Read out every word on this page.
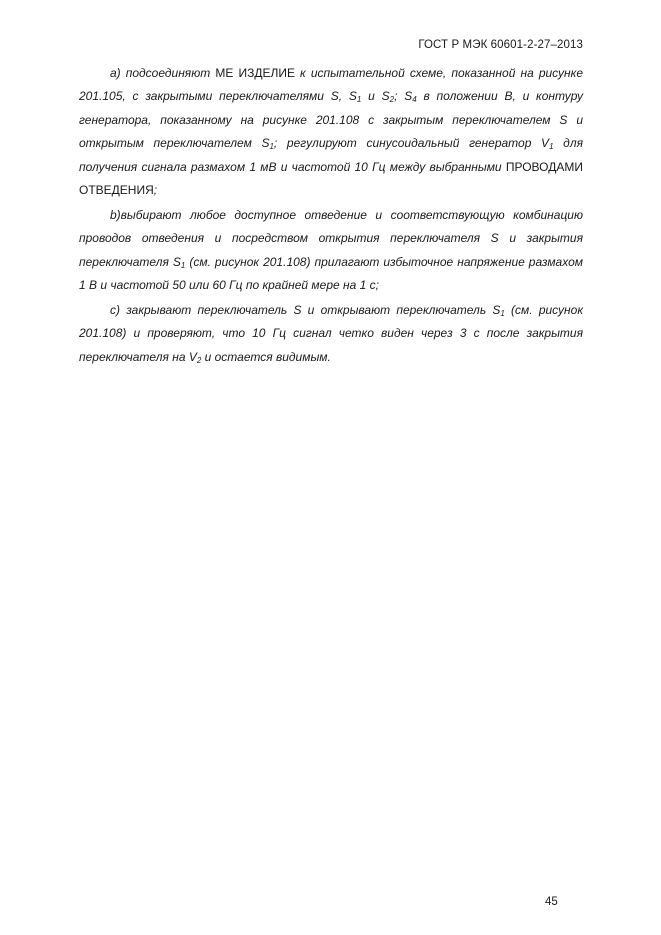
ГОСТ Р МЭК 60601-2-27–2013

a) подсоединяют МЕ ИЗДЕЛИЕ к испытательной схеме, показанной на рисунке 201.105, с закрытыми переключателями S, $S_1$ и $S_2$; $S_4$ в положении B, и контуру генератора, показанному на рисунке 201.108 с закрытым переключателем S и открытым переключателем $S_1$; регулируют синусоидальный генератор $V_1$ для получения сигнала размахом 1 мВ и частотой 10 Гц между выбранными ПРОВОДАМИ ОТВЕДЕНИЯ;

b)выбирают любое доступное отведение и соответствующую комбинацию проводов отведения и посредством открытия переключателя S и закрытия переключателя $S_1$ (см. рисунок 201.108) прилагают избыточное напряжение размахом 1 В и частотой 50 или 60 Гц по крайней мере на 1 с;

c) закрывают переключатель S и открывают переключатель $S_1$ (см. рисунок 201.108) и проверяют, что 10 Гц сигнал четко виден через 3 с после закрытия переключателя на $V_2$ и остается видимым.

45
